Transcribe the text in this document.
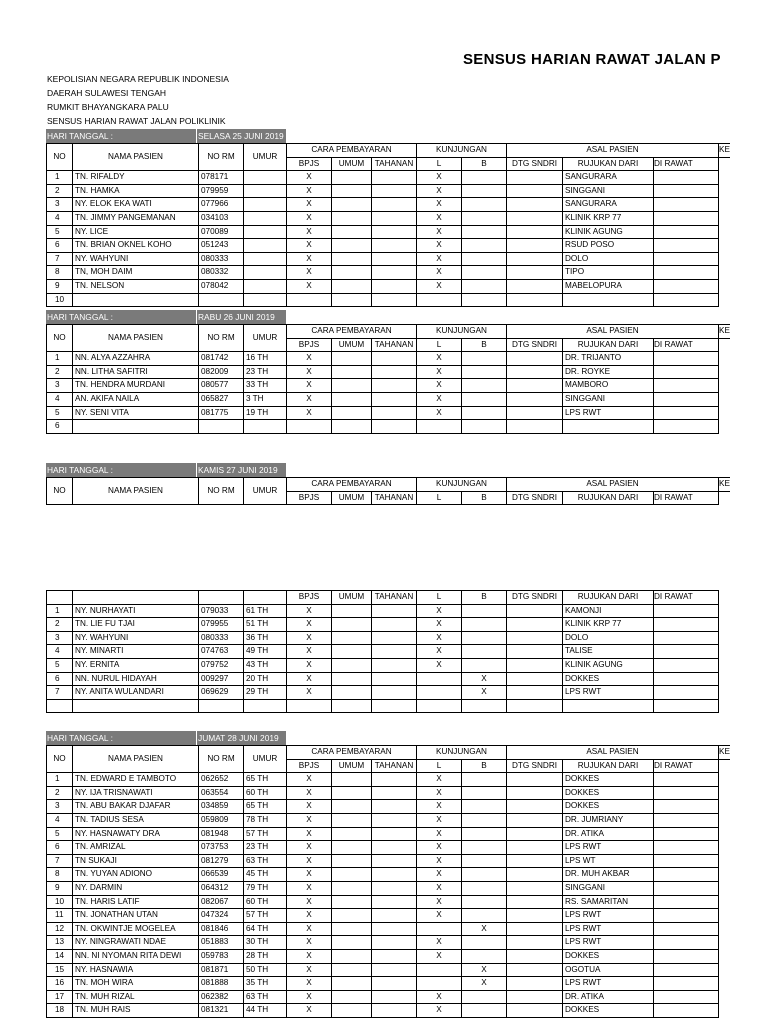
SENSUS HARIAN RAWAT JALAN P
KEPOLISIAN NEGARA REPUBLIK INDONESIA
DAERAH SULAWESI TENGAH
RUMKIT BHAYANGKARA PALU
SENSUS HARIAN RAWAT JALAN POLIKLINIK
HARI TANGGAL :	SELASA 25 JUNI 2019
NO	NAMA PASIEN	NO RM	UMUR	CARA PEMBAYARAN			KUNJUNGAN		ASAL PASIEN			KE
				BPJS	UMUM	TAHANAN	L	B	DTG SNDRI	RUJUKAN DARI	DI RAWAT	
1	TN. RIFALDY	078171		X			X			SANGURARA		
2	TN. HAMKA	079959		X			X			SINGGANI		
3	NY. ELOK EKA WATI	077966		X			X			SANGURARA		
4	TN. JIMMY PANGEMANAN	034103		X			X			KLINIK KRP 77		
5	NY. LICE	070089		X			X			KLINIK AGUNG		
6	TN. BRIAN OKNEL KOHO	051243		X			X			RSUD POSO		
7	NY. WAHYUNI	080333		X			X			DOLO		
8	TN, MOH DAIM	080332		X			X			TIPO		
9	TN. NELSON	078042		X			X			MABELOPURA		
10												
HARI TANGGAL :	RABU 26 JUNI 2019
NO	NAMA PASIEN	NO RM	UMUR	CARA PEMBAYARAN			KUNJUNGAN		ASAL PASIEN			KE
				BPJS	UMUM	TAHANAN	L	B	DTG SNDRI	RUJUKAN DARI	DI RAWAT	
1	NN. ALYA AZZAHRA	081742	16 TH	X			X			DR. TRIJANTO		
2	NN. LITHA SAFITRI	082009	23 TH	X			X			DR. ROYKE		
3	TN. HENDRA MURDANI	080577	33 TH	X			X			MAMBORO		
4	AN. AKIFA NAILA	065827	3 TH	X			X			SINGGANI		
5	NY. SENI VITA	081775	19 TH	X			X			LPS RWT		
6												
HARI TANGGAL :	KAMIS 27 JUNI 2019
NO	NAMA PASIEN	NO RM	UMUR	CARA PEMBAYARAN			KUNJUNGAN		ASAL PASIEN			KE
				BPJS	UMUM	TAHANAN	L	B	DTG SNDRI	RUJUKAN DARI	DI RAWAT	
				BPJS	UMUM	TAHANAN	L	B	DTG SNDRI	RUJUKAN DARI	DI RAWAT
1	NY. NURHAYATI	079033	61 TH	X			X			KAMONJI	
2	TN. LIE FU TJAI	079955	51 TH	X			X			KLINIK KRP 77	
3	NY. WAHYUNI	080333	36 TH	X			X			DOLO	
4	NY. MINARTI	074763	49 TH	X			X			TALISE	
5	NY. ERNITA	079752	43 TH	X			X			KLINIK AGUNG	
6	NN. NURUL HIDAYAH	009297	20 TH	X				X		DOKKES	
7	NY. ANITA WULANDARI	069629	29 TH	X				X		LPS RWT	

HARI TANGGAL :	JUMAT 28 JUNI 2019
NO	NAMA PASIEN	NO RM	UMUR	CARA PEMBAYARAN			KUNJUNGAN		ASAL PASIEN			KE
				BPJS	UMUM	TAHANAN	L	B	DTG SNDRI	RUJUKAN DARI	DI RAWAT	
1	TN. EDWARD E TAMBOTO	062652	65 TH	X			X			DOKKES		
2	NY. IJA TRISNAWATI	063554	60 TH	X			X			DOKKES		
3	TN. ABU BAKAR DJAFAR	034859	65 TH	X			X			DOKKES		
4	TN. TADIUS SESA	059809	78 TH	X			X			DR. JUMRIANY		
5	NY. HASNAWATY DRA	081948	57 TH	X			X			DR. ATIKA		
6	TN. AMRIZAL	073753	23 TH	X			X			LPS RWT		
7	TN SUKAJI	081279	63 TH	X			X			LPS WT		
8	TN. YUYAN ADIONO	066539	45 TH	X			X			DR. MUH AKBAR		
9	NY. DARMIN	064312	79 TH	X			X			SINGGANI		
10	TN. HARIS LATIF	082067	60 TH	X			X			RS. SAMARITAN		
11	TN. JONATHAN UTAN	047324	57 TH	X			X			LPS RWT		
12	TN. OKWINTJE MOGELEA	081846	64 TH	X				X		LPS RWT		
13	NY. NINGRAWATI NDAE	051883	30 TH	X			X			LPS RWT		
14	NN. NI NYOMAN RITA DEWI	059783	28 TH	X			X			DOKKES		
15	NY. HASNAWIA	081871	50 TH	X				X		OGOTUA		
16	TN. MOH WIRA	081888	35 TH	X				X		LPS RWT		
17	TN. MUH RIZAL	062382	63 TH	X			X			DR. ATIKA		
18	TN. MUH RAIS	081321	44 TH	X			X			DOKKES		
